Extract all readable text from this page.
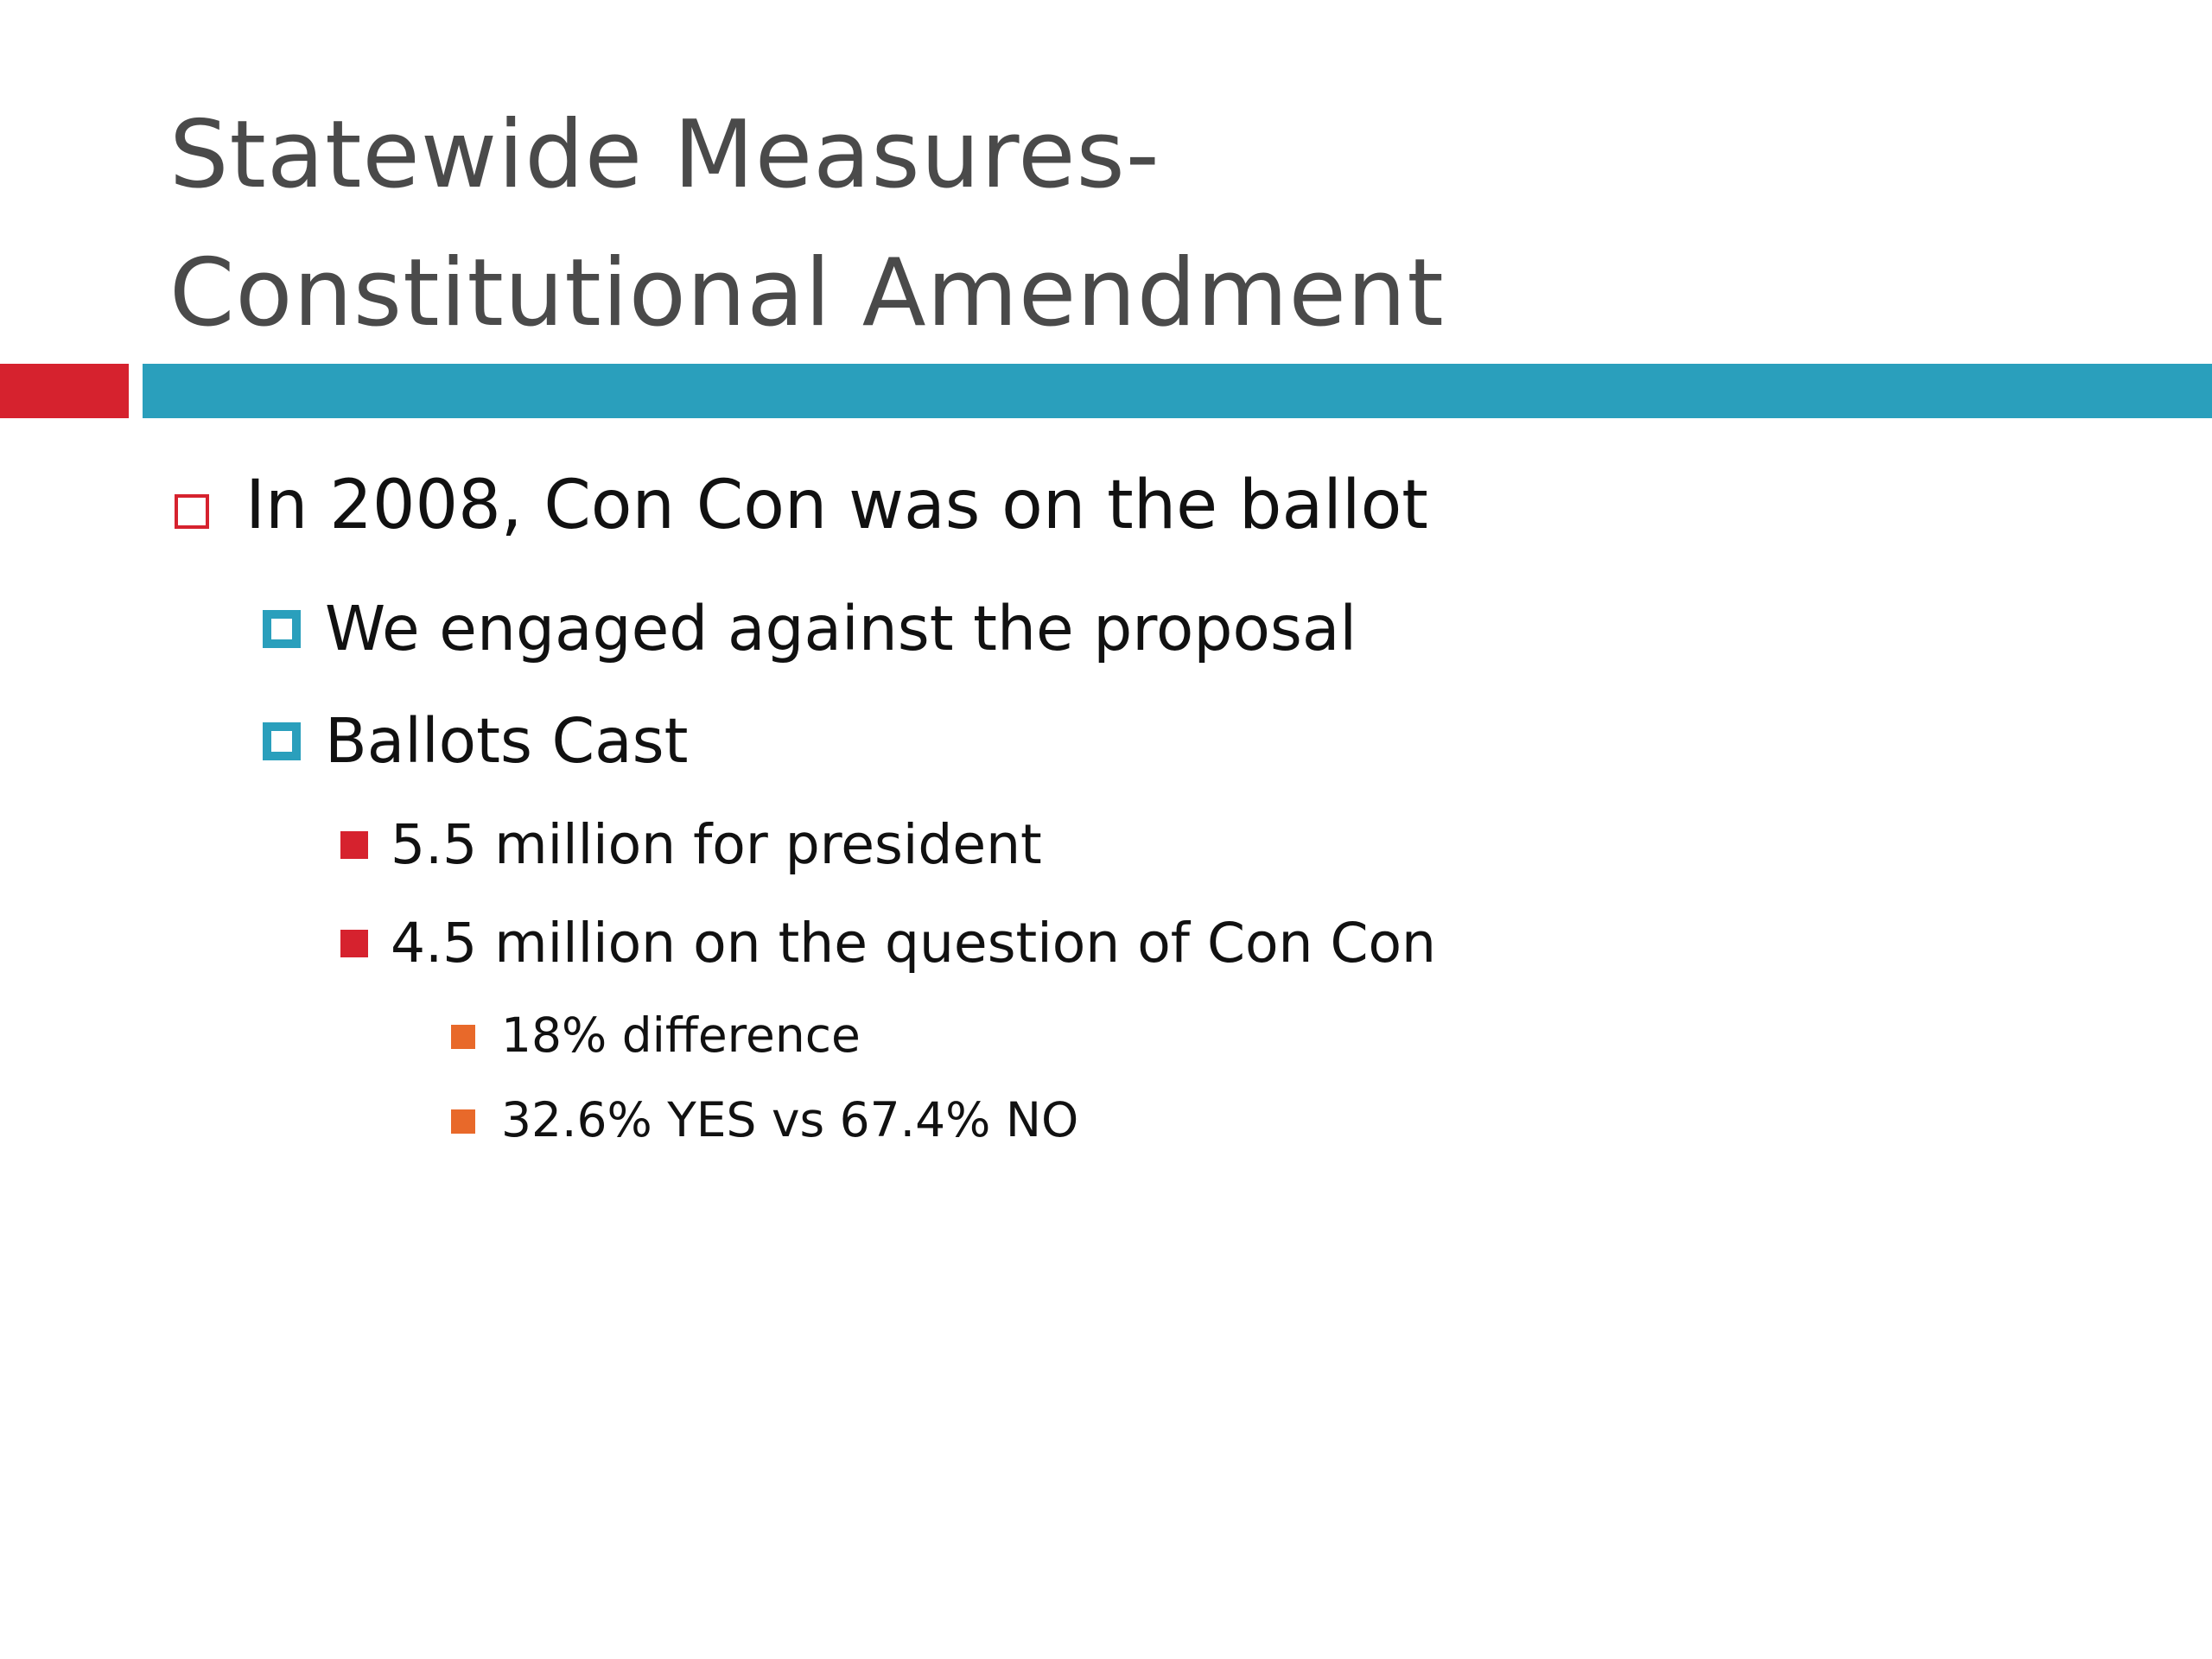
Statewide Measures-
Constitutional Amendment
In 2008, Con Con was on the ballot
We engaged against the proposal
Ballots Cast
5.5 million for president
4.5 million on the question of Con Con
18% difference
32.6% YES vs 67.4% NO
